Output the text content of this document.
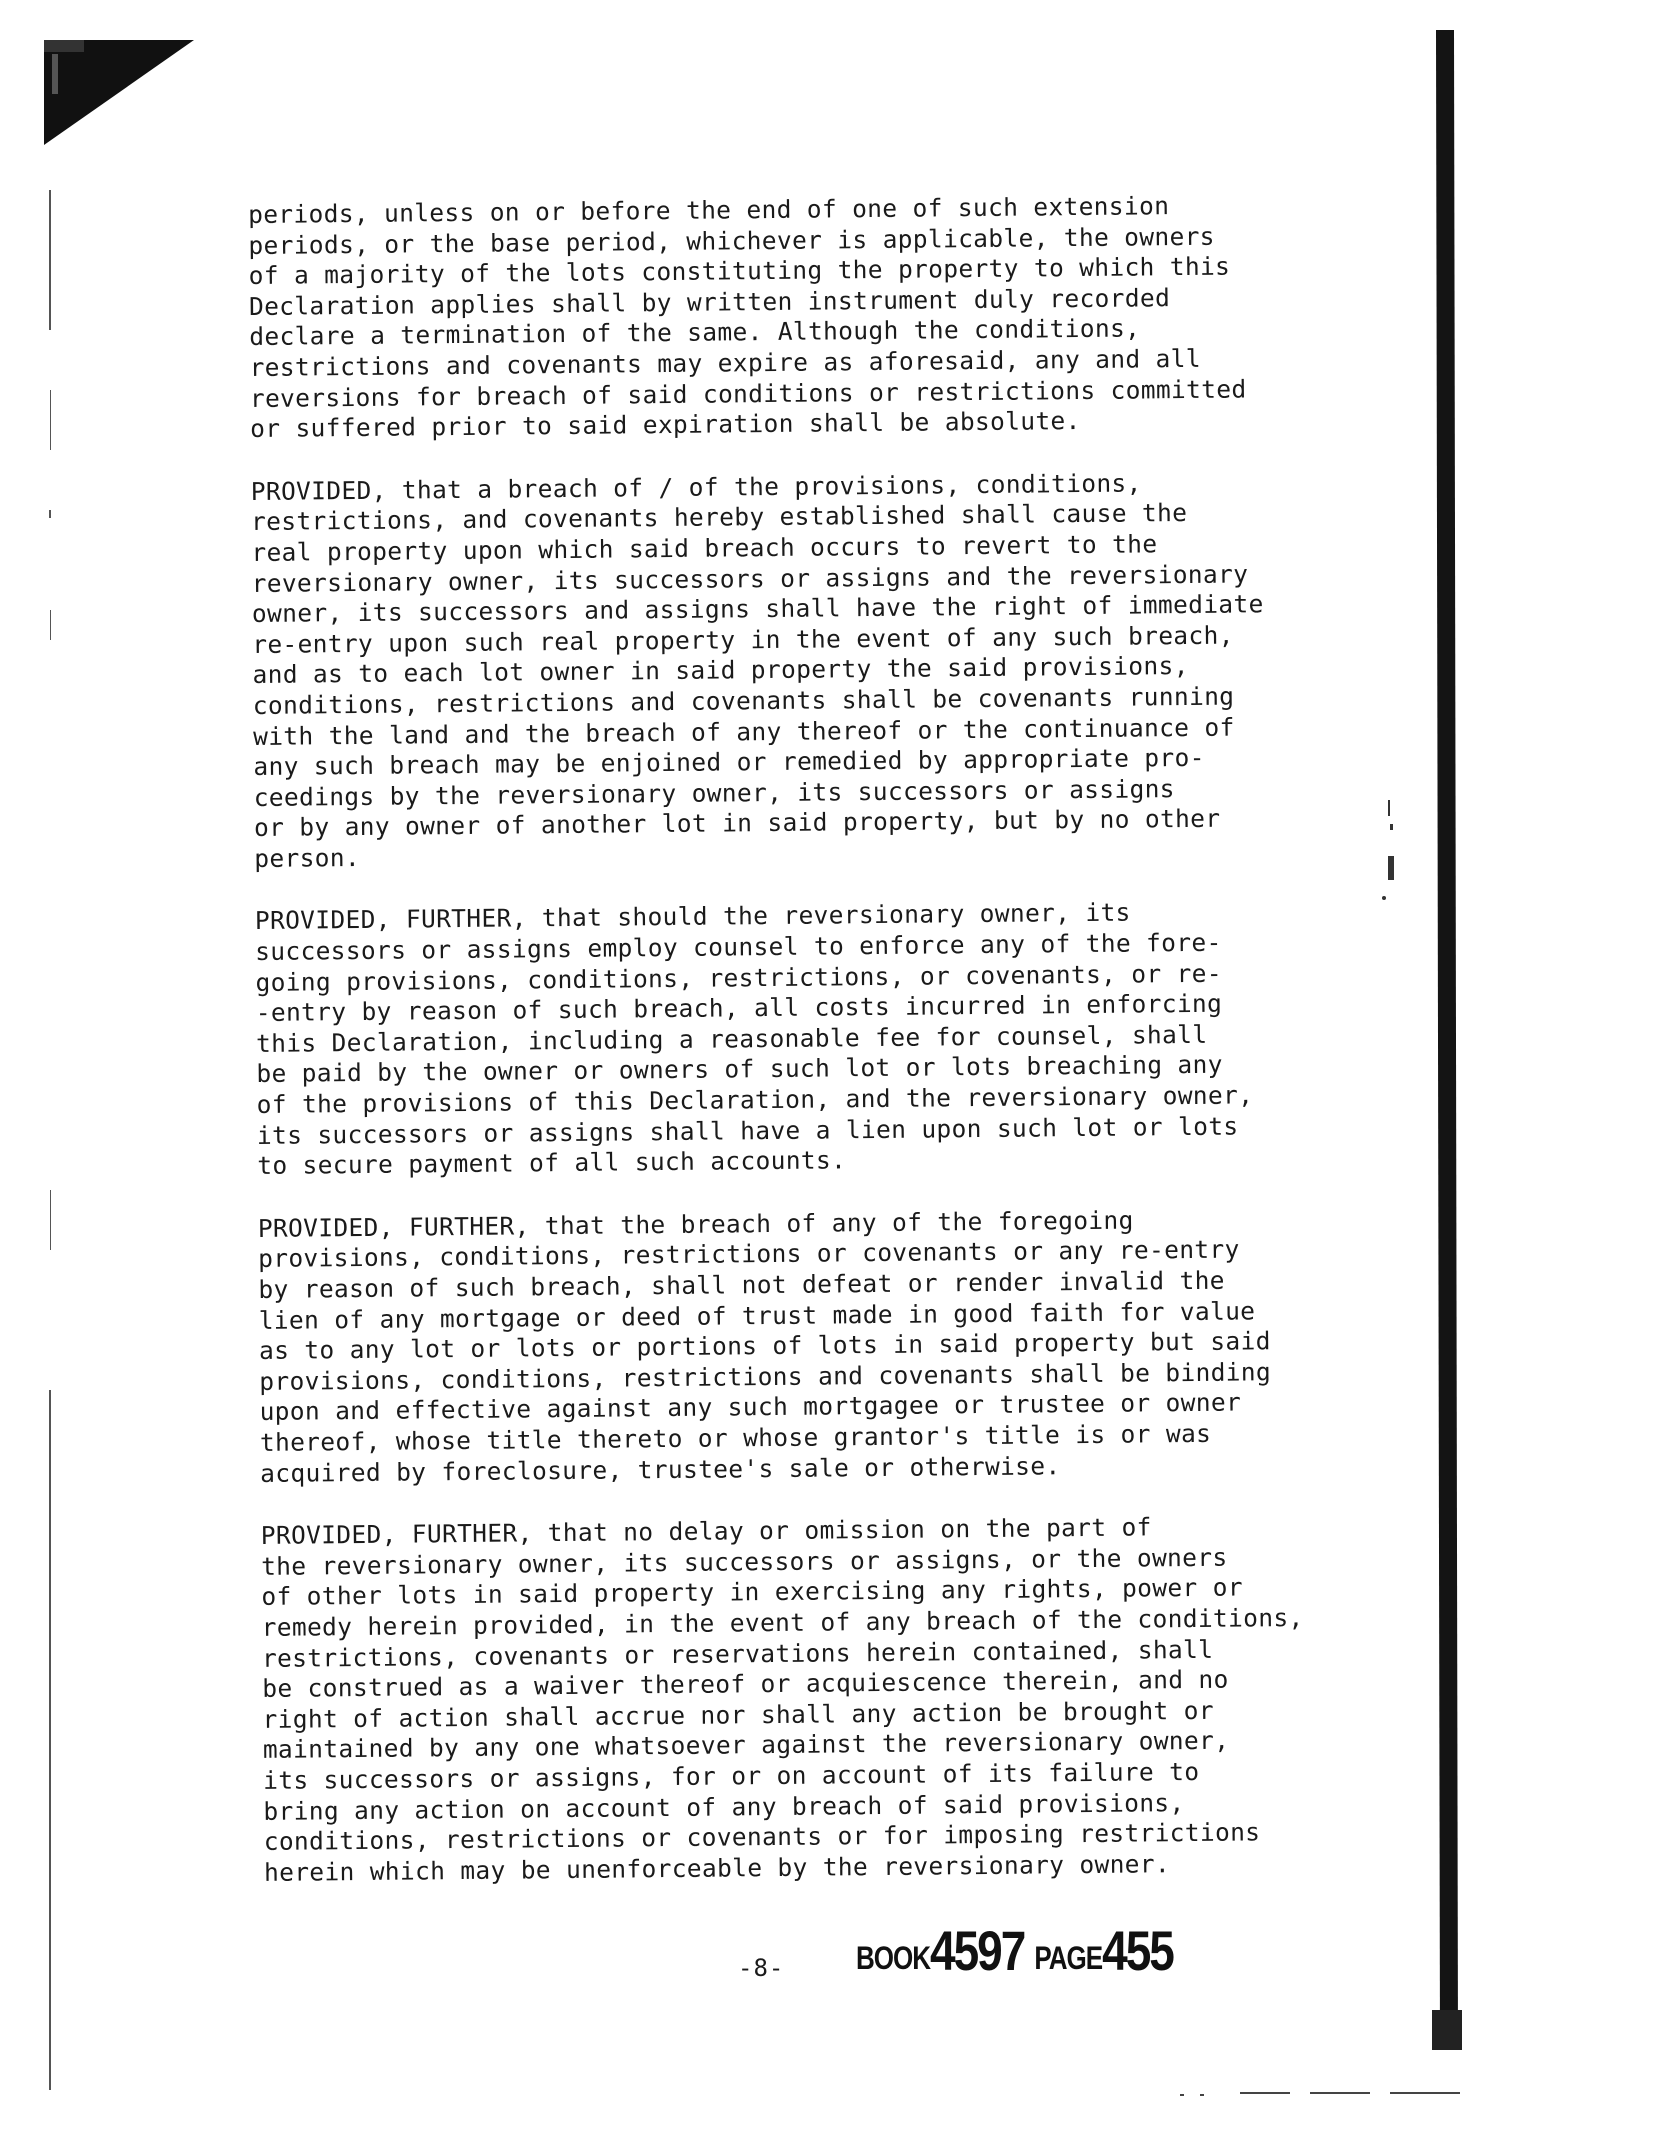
periods, unless on or before the end of one of such extension
periods, or the base period, whichever is applicable, the owners
of a majority of the lots constituting the property to which this
Declaration applies shall by written instrument duly recorded
declare a termination of the same. Although the conditions,
restrictions and covenants may expire as aforesaid, any and all
reversions for breach of said conditions or restrictions committed
or suffered prior to said expiration shall be absolute.

PROVIDED, that a breach of / of the provisions, conditions,
restrictions, and covenants hereby established shall cause the
real property upon which said breach occurs to revert to the
reversionary owner, its successors or assigns and the reversionary
owner, its successors and assigns shall have the right of immediate
re-entry upon such real property in the event of any such breach,
and as to each lot owner in said property the said provisions,
conditions, restrictions and covenants shall be covenants running
with the land and the breach of any thereof or the continuance of
any such breach may be enjoined or remedied by appropriate pro-
ceedings by the reversionary owner, its successors or assigns
or by any owner of another lot in said property, but by no other
person.

PROVIDED, FURTHER, that should the reversionary owner, its
successors or assigns employ counsel to enforce any of the fore-
going provisions, conditions, restrictions, or covenants, or re-
-entry by reason of such breach, all costs incurred in enforcing
this Declaration, including a reasonable fee for counsel, shall
be paid by the owner or owners of such lot or lots breaching any
of the provisions of this Declaration, and the reversionary owner,
its successors or assigns shall have a lien upon such lot or lots
to secure payment of all such accounts.

PROVIDED, FURTHER, that the breach of any of the foregoing
provisions, conditions, restrictions or covenants or any re-entry
by reason of such breach, shall not defeat or render invalid the
lien of any mortgage or deed of trust made in good faith for value
as to any lot or lots or portions of lots in said property but said
provisions, conditions, restrictions and covenants shall be binding
upon and effective against any such mortgagee or trustee or owner
thereof, whose title thereto or whose grantor's title is or was
acquired by foreclosure, trustee's sale or otherwise.

PROVIDED, FURTHER, that no delay or omission on the part of
the reversionary owner, its successors or assigns, or the owners
of other lots in said property in exercising any rights, power or
remedy herein provided, in the event of any breach of the conditions,
restrictions, covenants or reservations herein contained, shall
be construed as a waiver thereof or acquiescence therein, and no
right of action shall accrue nor shall any action be brought or
maintained by any one whatsoever against the reversionary owner,
its successors or assigns, for or on account of its failure to
bring any action on account of any breach of said provisions,
conditions, restrictions or covenants or for imposing restrictions
herein which may be unenforceable by the reversionary owner.

-8-	BOOK4597 PAGE455
